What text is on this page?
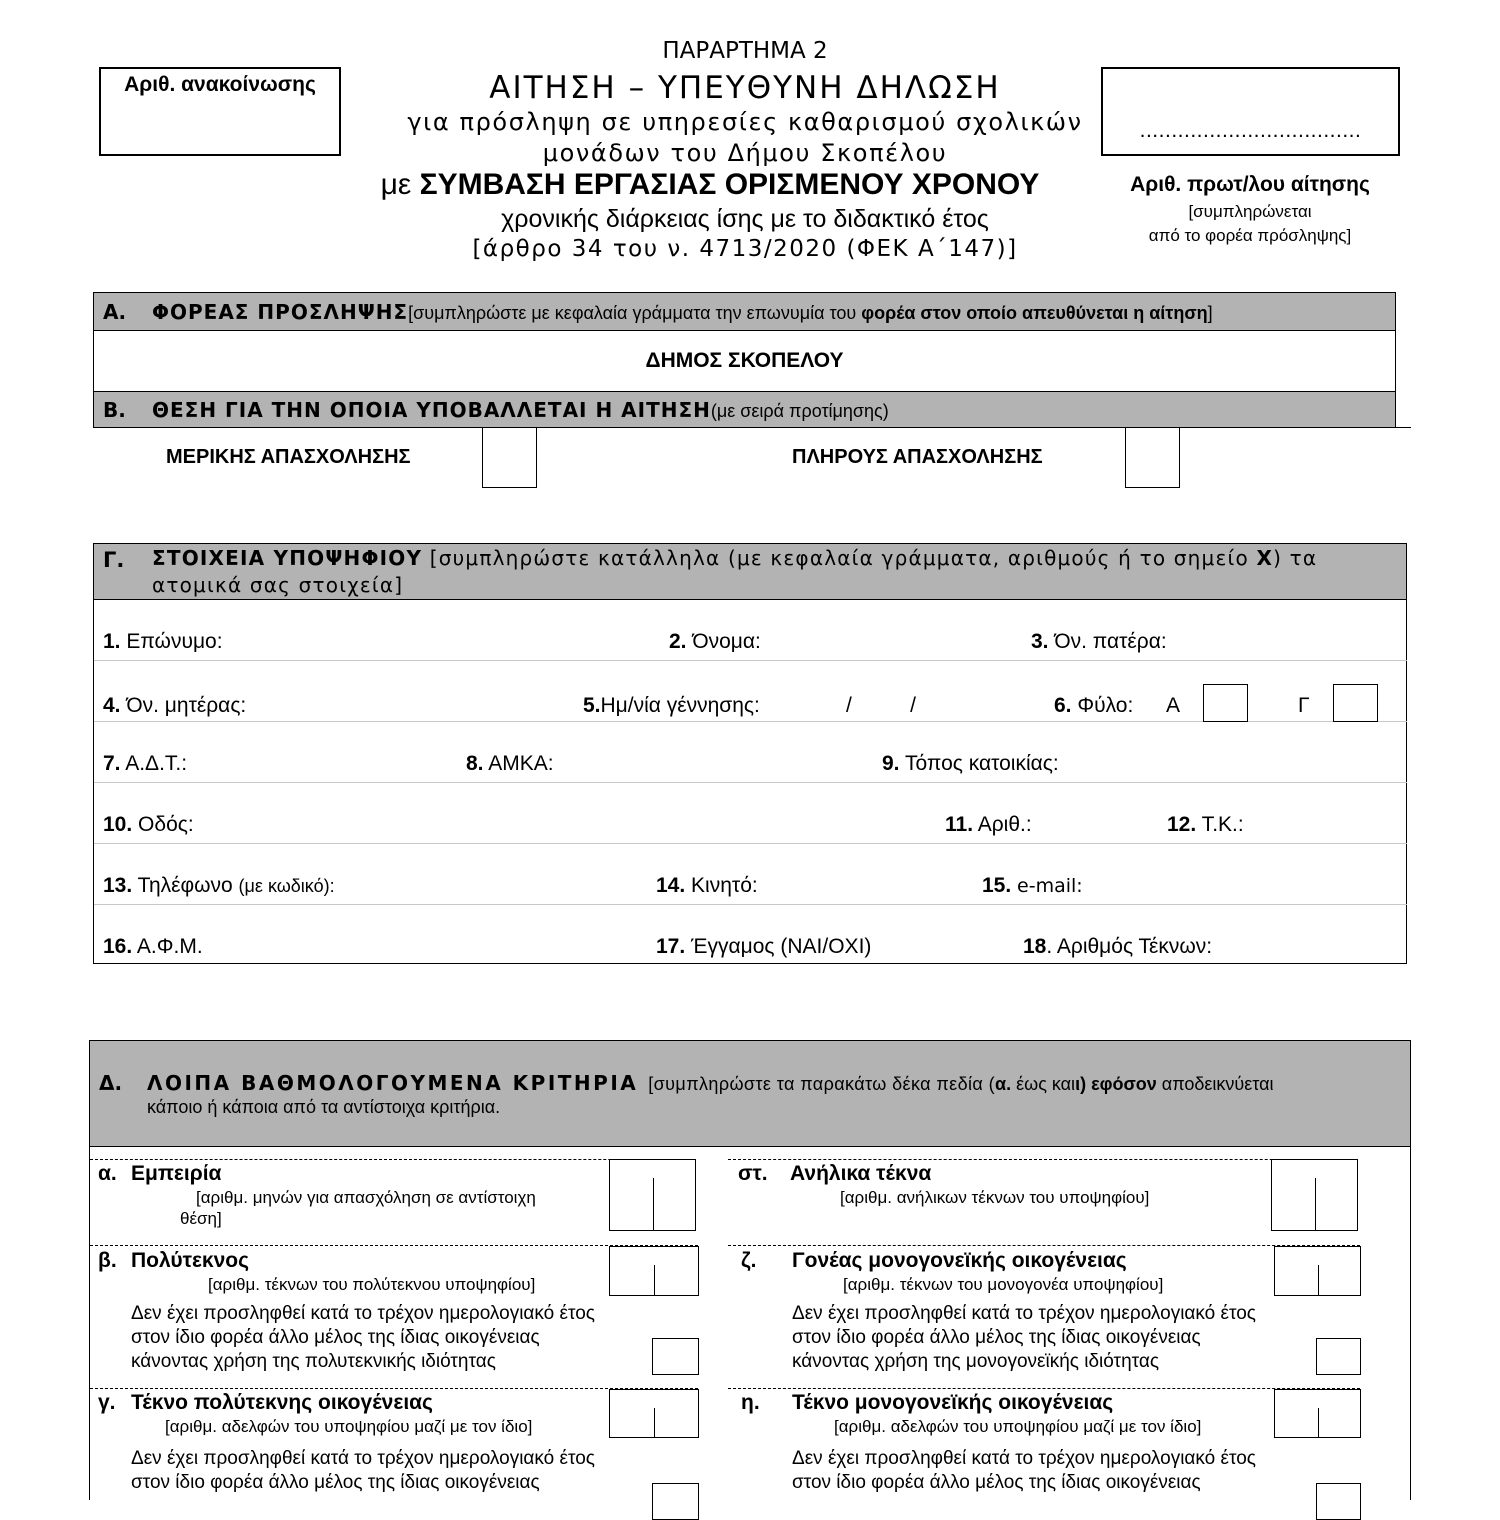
Αριθ. ανακοίνωσης
ΠΑΡΑΡΤΗΜΑ 2
ΑΙΤΗΣΗ – ΥΠΕΥΘΥΝΗ ΔΗΛΩΣΗ
για πρόσληψη σε υπηρεσίες καθαρισμού σχολικών
μονάδων του Δήμου Σκοπέλου
με ΣΥΜΒΑΣΗ ΕΡΓΑΣΙΑΣ ΟΡΙΣΜΕΝΟΥ ΧΡΟΝΟΥ
χρονικής διάρκειας ίσης με το διδακτικό έτος
[άρθρο 34 του ν. 4713/2020 (ΦΕΚ Α΄147)]
...................................
Αριθ. πρωτ/λου αίτησης
[συμπληρώνεται
από το φορέα πρόσληψης]
Α. ΦΟΡΕΑΣ ΠΡΟΣΛΗΨΗΣ[συμπληρώστε με κεφαλαία γράμματα την επωνυμία του φορέα στον οποίο απευθύνεται η αίτηση]
ΔΗΜΟΣ ΣΚΟΠΕΛΟΥ
Β. ΘΕΣΗ ΓΙΑ ΤΗΝ ΟΠΟΙΑ ΥΠΟΒΑΛΛΕΤΑΙ Η ΑΙΤΗΣΗ(με σειρά προτίμησης)
ΜΕΡΙΚΗΣ ΑΠΑΣΧΟΛΗΣΗΣ	ΠΛΗΡΟΥΣ ΑΠΑΣΧΟΛΗΣΗΣ
Γ. ΣΤΟΙΧΕΙΑ ΥΠΟΨΗΦΙΟΥ [συμπληρώστε κατάλληλα (με κεφαλαία γράμματα, αριθμούς ή το σημείο Χ) τα
ατομικά σας στοιχεία]
1. Επώνυμο:	2. Όνομα:	3. Όν. πατέρα:
4. Όν. μητέρας:	5.Ημ/νία γέννησης:	/          /	6. Φύλο: Α	Γ
7. Α.Δ.Τ.:	8. ΑΜΚΑ:	9. Τόπος κατοικίας:
10. Οδός:	11. Αριθ.:	12. Τ.Κ.:
13. Τηλέφωνο (με κωδικό):	14. Κινητό:	15. e-mail:
16. Α.Φ.Μ.	17. Έγγαμος (ΝΑΙ/ΟΧΙ)	18. Αριθμός Τέκνων:
Δ. ΛΟΙΠΑ ΒΑΘΜΟΛΟΓΟΥΜΕΝΑ ΚΡΙΤΗΡΙΑ [συμπληρώστε τα παρακάτω δέκα πεδία (α. έως καιι) εφόσον αποδεικνύεται
κάποιο ή κάποια από τα αντίστοιχα κριτήρια.
α. Εμπειρία
[αριθμ. μηνών για απασχόληση σε αντίστοιχη
θέση]
στ. Ανήλικα τέκνα
[αριθμ. ανήλικων τέκνων του υποψηφίου]
β. Πολύτεκνος
[αριθμ. τέκνων του πολύτεκνου υποψηφίου]
Δεν έχει προσληφθεί κατά το τρέχον ημερολογιακό έτος
στον ίδιο φορέα άλλο μέλος της ίδιας οικογένειας
κάνοντας χρήση της πολυτεκνικής ιδιότητας
ζ. Γονέας μονογονεϊκής οικογένειας
[αριθμ. τέκνων του μονογονέα υποψηφίου]
Δεν έχει προσληφθεί κατά το τρέχον ημερολογιακό έτος
στον ίδιο φορέα άλλο μέλος της ίδιας οικογένειας
κάνοντας χρήση της μονογονεϊκής ιδιότητας
γ. Τέκνο πολύτεκνης οικογένειας
[αριθμ. αδελφών του υποψηφίου μαζί με τον ίδιο]
Δεν έχει προσληφθεί κατά το τρέχον ημερολογιακό έτος
στον ίδιο φορέα άλλο μέλος της ίδιας οικογένειας
η. Τέκνο μονογονεϊκής οικογένειας
[αριθμ. αδελφών του υποψηφίου μαζί με τον ίδιο]
Δεν έχει προσληφθεί κατά το τρέχον ημερολογιακό έτος
στον ίδιο φορέα άλλο μέλος της ίδιας οικογένειας
